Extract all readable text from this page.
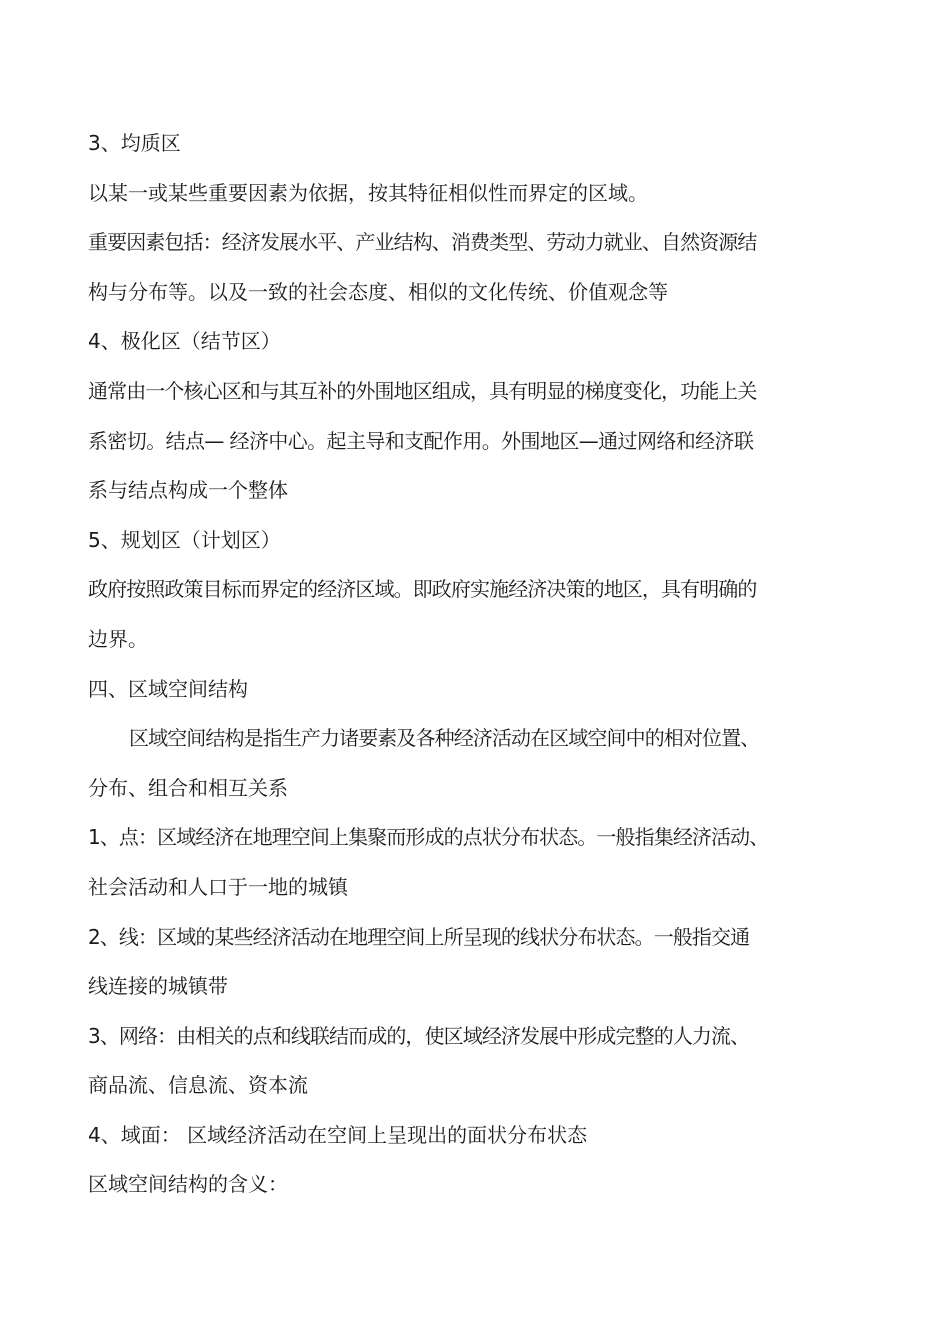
3、均质区
以某一或某些重要因素为依据，按其特征相似性而界定的区域。
重要因素包括：经济发展水平、产业结构、消费类型、劳动力就业、自然资源结
构与分布等。以及一致的社会态度、相似的文化传统、价值观念等
4、极化区（结节区）
通常由一个核心区和与其互补的外围地区组成，具有明显的梯度变化，功能上关
系密切。结点— 经济中心。起主导和支配作用。外围地区—通过网络和经济联
系与结点构成一个整体
5、规划区（计划区）
政府按照政策目标而界定的经济区域。即政府实施经济决策的地区，具有明确的
边界。
四、区域空间结构
区域空间结构是指生产力诸要素及各种经济活动在区域空间中的相对位置、
分布、组合和相互关系
1、点：区域经济在地理空间上集聚而形成的点状分布状态。一般指集经济活动、
社会活动和人口于一地的城镇
2、线：区域的某些经济活动在地理空间上所呈现的线状分布状态。一般指交通
线连接的城镇带
3、网络：由相关的点和线联结而成的，使区域经济发展中形成完整的人力流、
商品流、信息流、资本流
4、域面： 区域经济活动在空间上呈现出的面状分布状态
区域空间结构的含义：
